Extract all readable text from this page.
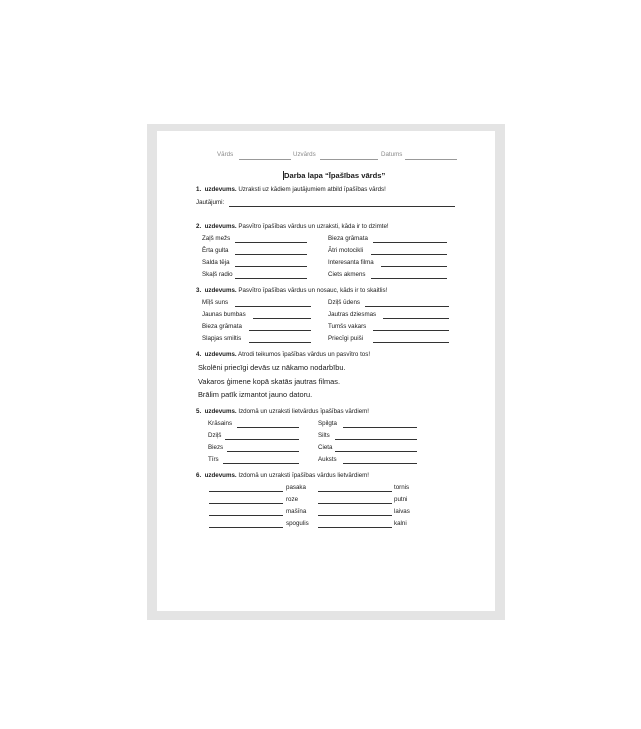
Vārds	Uzvārds	Datums
Darba lapa “Īpašības vārds”
1. uzdevums. Uzraksti uz kādiem jautājumiem atbild īpašības vārds!
Jautājumi:
2. uzdevums. Pasvītro īpašības vārdus un uzraksti, kāda ir to dzimte!
Zaļš mežs
Ērta gulta
Salda tēja
Skaļš radio
Bieza grāmata
Ātri motocikli
Interesanta filma
Ciets akmens
3. uzdevums. Pasvītro īpašības vārdus un nosauc, kāds ir to skaitlis!
Mīļš suns
Jaunas bumbas
Bieza grāmata
Slapjas smiltis
Dziļš ūdens
Jautras dziesmas
Tumšs vakars
Priecīgi puiši
4. uzdevums. Atrodi teikumos īpašības vārdus un pasvītro tos!
Skolēni priecīgi devās uz nākamo nodarbību.
Vakaros ģimene kopā skatās jautras filmas.
Brālim patīk izmantot jauno datoru.
5. uzdevums. Izdomā un uzraksti lietvārdus īpašības vārdiem!
Krāsains
Dziļš
Biezs
Tīrs
Spilgta
Silts
Cieta
Auksts
6. uzdevums. Izdomā un uzraksti īpašības vārdus lietvārdiem!
pasaka
roze
mašīna
spogulis
tornis
putni
laivas
kalni
